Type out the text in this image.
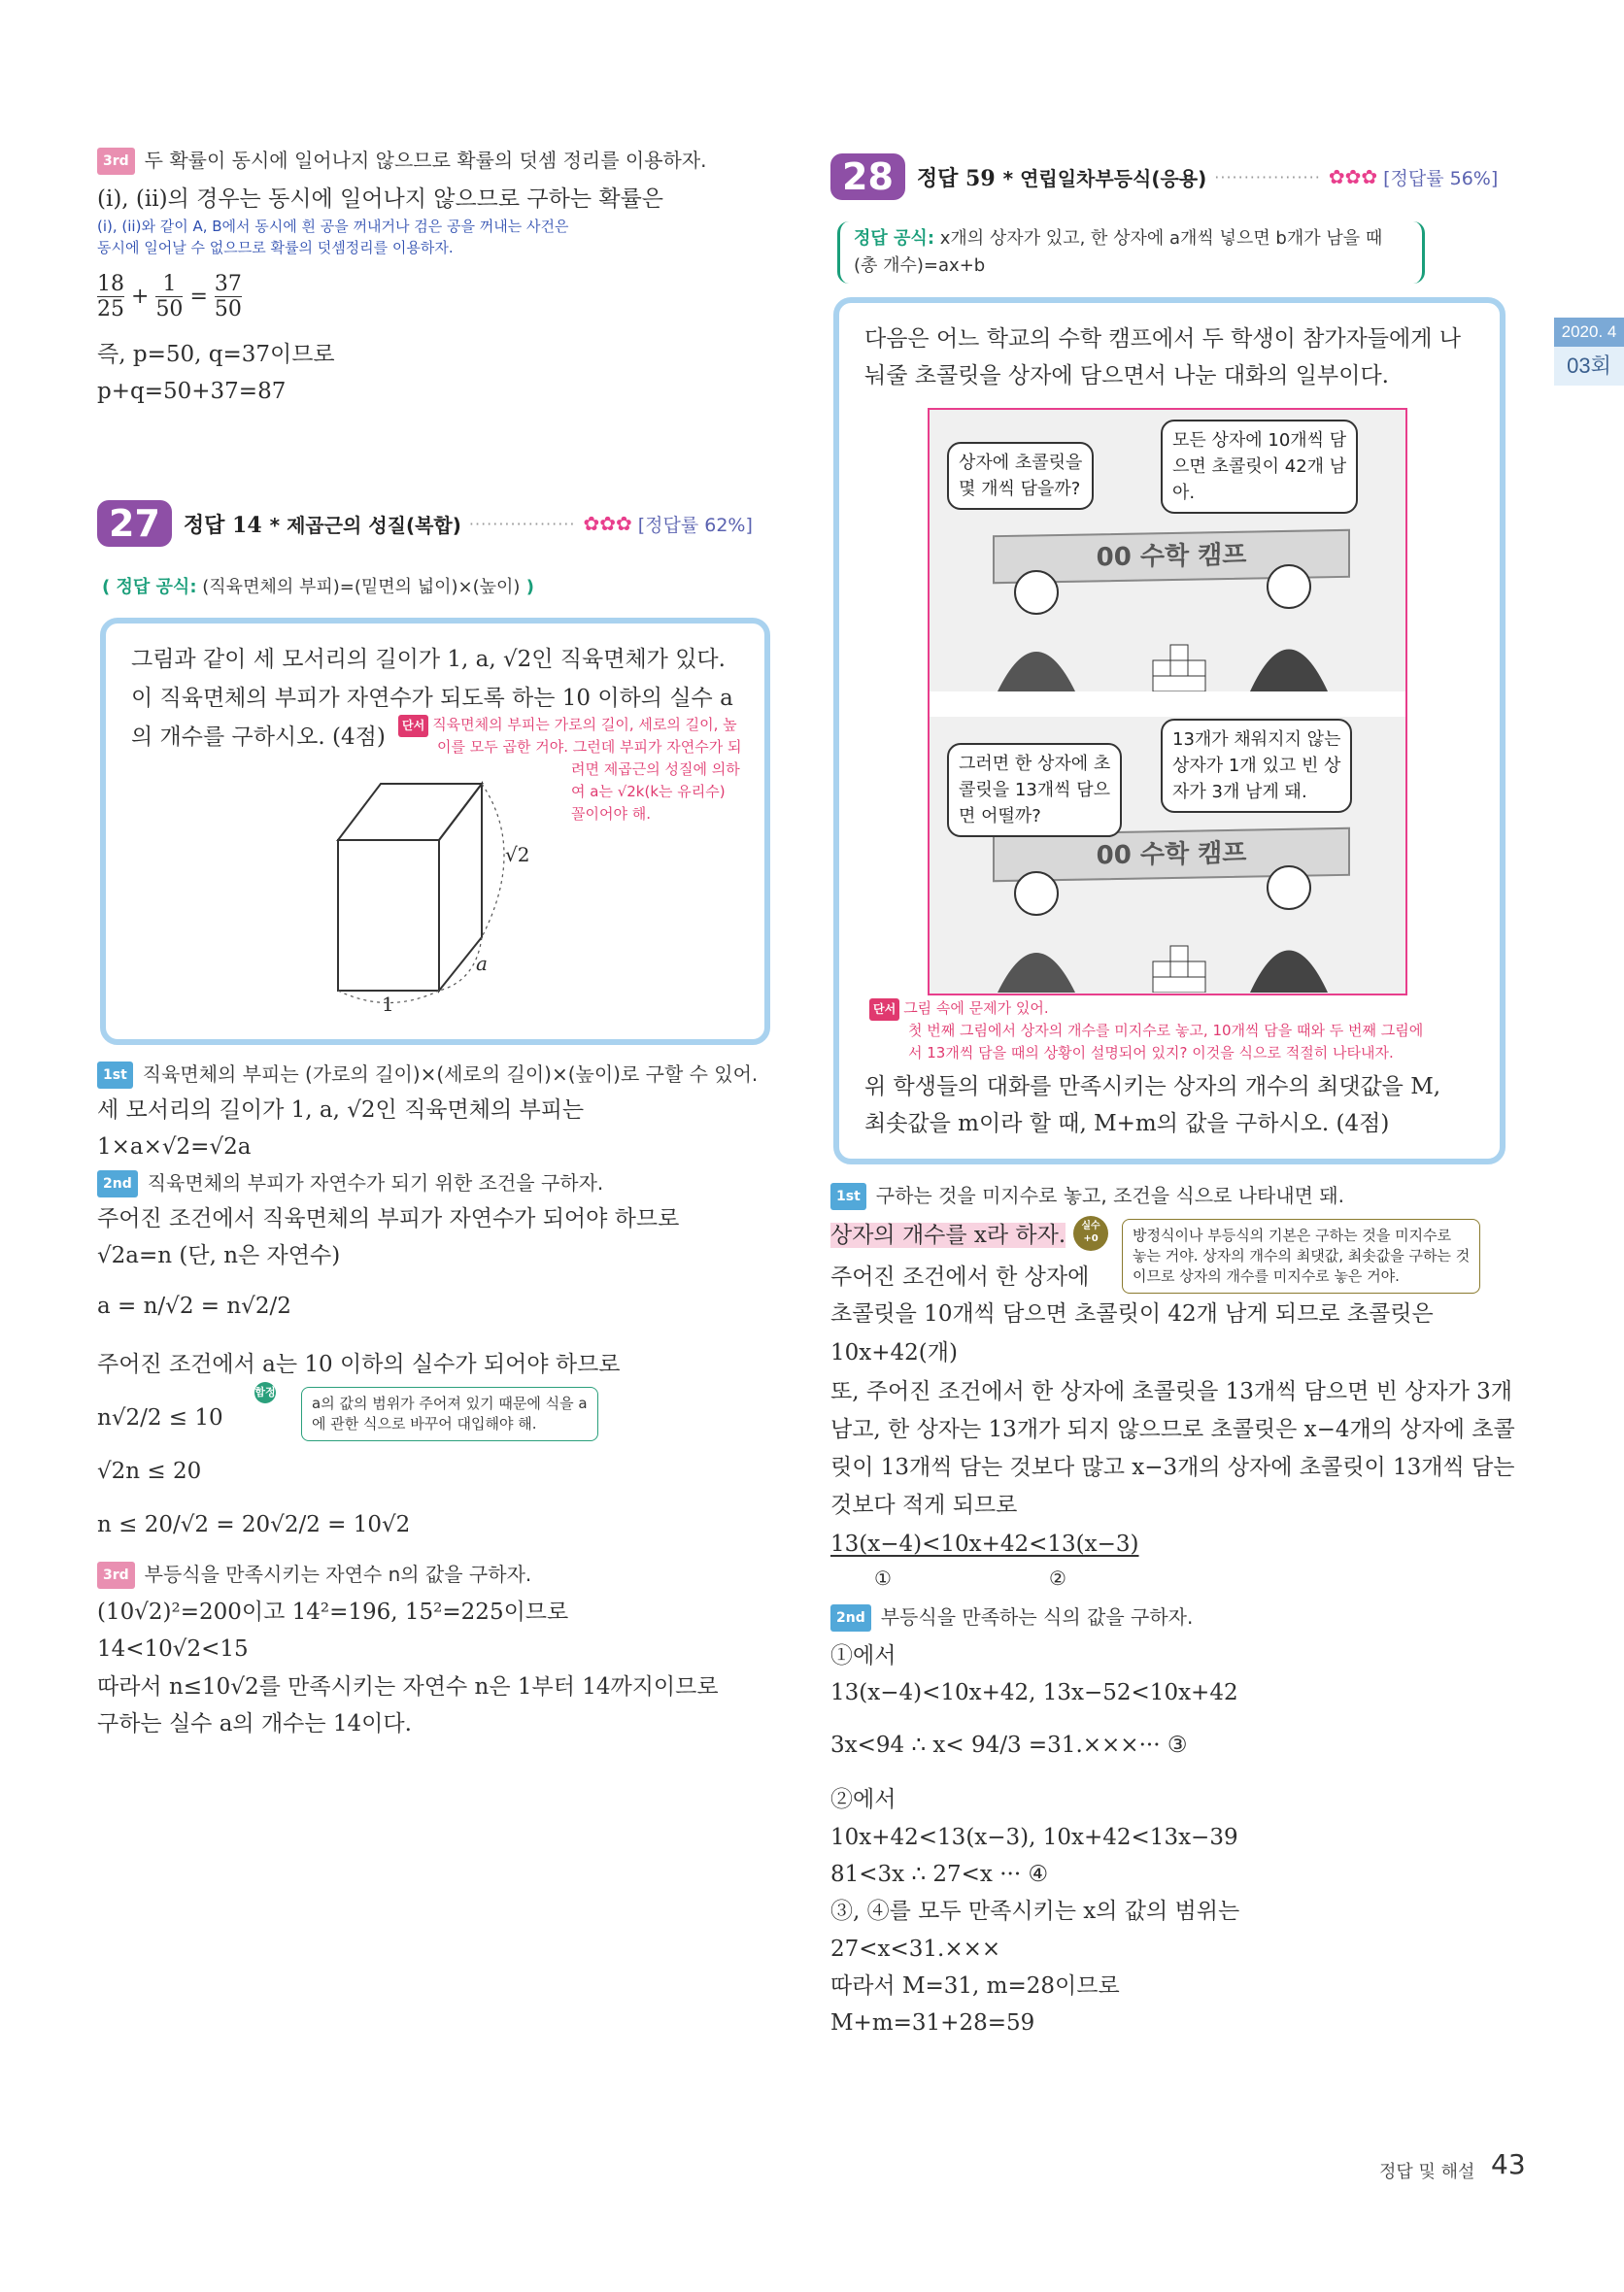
3rd 두 확률이 동시에 일어나지 않으므로 확률의 덧셈 정리를 이용하자.
(i), (ii)의 경우는 동시에 일어나지 않으므로 구하는 확률은
(i), (ii)와 같이 A, B에서 동시에 흰 공을 꺼내거나 검은 공을 꺼내는 사건은
동시에 일어날 수 없으므로 확률의 덧셈정리를 이용하자.
$\frac{18}{25} + \frac{1}{50} = \frac{37}{50}$
즉, p=50, q=37이므로
p+q=50+37=87
27	정답 14 * 제곱근의 성질(복합) ·················· ✿✿✿ [정답률 62%]
( 정답 공식: (직육면체의 부피)=(밑면의 넓이)×(높이) )
그림과 같이 세 모서리의 길이가 1, a, √2인 직육면체가 있다.
이 직육면체의 부피가 자연수가 되도록 하는 10 이하의 실수 a
의 개수를 구하시오. (4점)	단서 직육면체의 부피는 가로의 길이, 세로의 길이, 높
이를 모두 곱한 거야. 그런데 부피가 자연수가 되
려면 제곱근의 성질에 의하
여 a는 √2k(k는 유리수)
꼴이어야 해.
√2
a
1
1st 직육면체의 부피는 (가로의 길이)×(세로의 길이)×(높이)로 구할 수 있어.
세 모서리의 길이가 1, a, √2인 직육면체의 부피는
1×a×√2=√2a
2nd 직육면체의 부피가 자연수가 되기 위한 조건을 구하자.
주어진 조건에서 직육면체의 부피가 자연수가 되어야 하므로
√2a=n (단, n은 자연수)
a = n/√2 = n√2/2
주어진 조건에서 a는 10 이하의 실수가 되어야 하므로
n√2/2 ≤ 10
함정
a의 값의 범위가 주어져 있기 때문에 식을 a
에 관한 식으로 바꾸어 대입해야 해.
√2n ≤ 20
n ≤ 20/√2 = 20√2/2 = 10√2
3rd 부등식을 만족시키는 자연수 n의 값을 구하자.
(10√2)²=200이고 14²=196, 15²=225이므로
14<10√2<15
따라서 n≤10√2를 만족시키는 자연수 n은 1부터 14까지이므로
구하는 실수 a의 개수는 14이다.
28	정답 59 * 연립일차부등식(응용) ·················· ✿✿✿ [정답률 56%]
정답 공식: x개의 상자가 있고, 한 상자에 a개씩 넣으면 b개가 남을 때
(총 개수)=ax+b
다음은 어느 학교의 수학 캠프에서 두 학생이 참가자들에게 나
눠줄 초콜릿을 상자에 담으면서 나눈 대화의 일부이다.
00 수학 캠프
상자에 초콜릿을
몇 개씩 담을까?
모든 상자에 10개씩 담
으면 초콜릿이 42개 남
아.
00 수학 캠프
그러면 한 상자에 초
콜릿을 13개씩 담으
면 어떨까?
13개가 채워지지 않는
상자가 1개 있고 빈 상
자가 3개 남게 돼.
단서 그림 속에 문제가 있어.
첫 번째 그림에서 상자의 개수를 미지수로 놓고, 10개씩 담을 때와 두 번째 그림에
서 13개씩 담을 때의 상황이 설명되어 있지? 이것을 식으로 적절히 나타내자.
위 학생들의 대화를 만족시키는 상자의 개수의 최댓값을 M,
최솟값을 m이라 할 때, M+m의 값을 구하시오. (4점)
1st 구하는 것을 미지수로 놓고, 조건을 식으로 나타내면 돼.
상자의 개수를 x라 하자.	실수
+0	방정식이나 부등식의 기본은 구하는 것을 미지수로
놓는 거야. 상자의 개수의 최댓값, 최솟값을 구하는 것
이므로 상자의 개수를 미지수로 놓은 거야.
주어진 조건에서 한 상자에
초콜릿을 10개씩 담으면 초콜릿이 42개 남게 되므로 초콜릿은
10x+42(개)
또, 주어진 조건에서 한 상자에 초콜릿을 13개씩 담으면 빈 상자가 3개
남고, 한 상자는 13개가 되지 않으므로 초콜릿은 x−4개의 상자에 초콜
릿이 13개씩 담는 것보다 많고 x−3개의 상자에 초콜릿이 13개씩 담는
것보다 적게 되므로
13(x−4)<10x+42<13(x−3)
①	②
2nd 부등식을 만족하는 식의 값을 구하자.
①에서
13(x−4)<10x+42, 13x−52<10x+42
3x<94 ∴ x< 94/3 =31.×××··· ③
②에서
10x+42<13(x−3), 10x+42<13x−39
81<3x ∴ 27<x ··· ④
③, ④를 모두 만족시키는 x의 값의 범위는
27<x<31.×××
따라서 M=31, m=28이므로
M+m=31+28=59
2020. 4
03회
정답 및 해설 43
